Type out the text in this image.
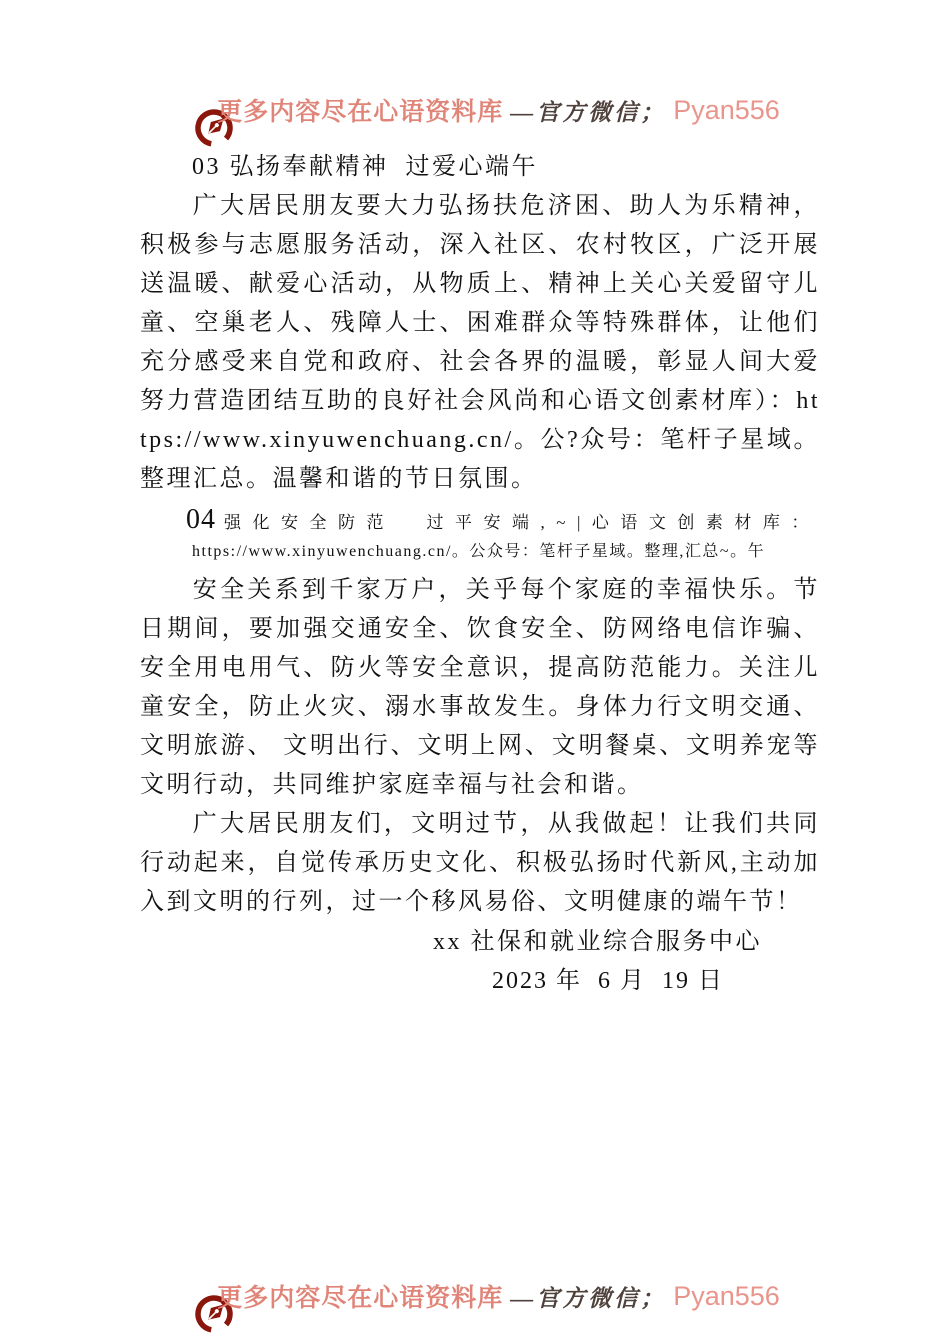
更多内容尽在心语资料库 —官方微信； Pyan556
03 弘扬奉献精神  过爱心端午

广大居民朋友要大力弘扬扶危济困、助人为乐精神，积极参与志愿服务活动，深入社区、农村牧区，广泛开展送温暖、献爱心活动，从物质上、精神上关心关爱留守儿童、空巢老人、残障人士、困难群众等特殊群体，让他们充分感受来自党和政府、社会各界的温暖，彰显人间大爱努力营造团结互助的良好社会风尚和心语文创素材库）：https://www.xinyuwenchuang.cn/。公?众号：笔杆子星域。整理汇总。温馨和谐的节日氛围。

04 强化安全防范  过平安端,~|心语文创素材库：
https://www.xinyuwenchuang.cn/。公众号：笔杆子星域。整理,汇总~。午

安全关系到千家万户，关乎每个家庭的幸福快乐。节日期间，要加强交通安全、饮食安全、防网络电信诈骗、安全用电用气、防火等安全意识，提高防范能力。关注儿童安全，防止火灾、溺水事故发生。身体力行文明交通、文明旅游、 文明出行、文明上网、文明餐桌、文明养宠等文明行动，共同维护家庭幸福与社会和谐。

广大居民朋友们，文明过节，从我做起！让我们共同行动起来，自觉传承历史文化、积极弘扬时代新风,主动加入到文明的行列，过一个移风易俗、文明健康的端午节！

xx 社保和就业综合服务中心
2023 年  6 月  19 日

更多内容尽在心语资料库 —官方微信； Pyan556
